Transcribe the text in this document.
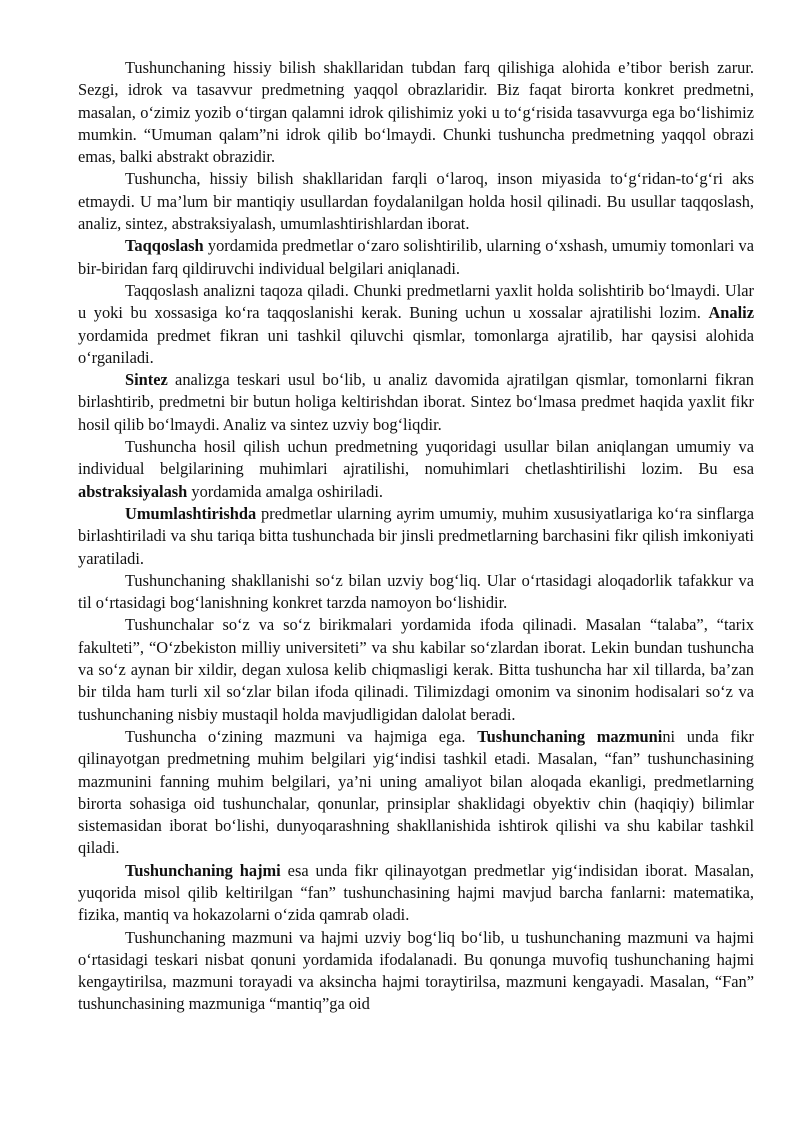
Tushunchaning hissiy bilish shakllaridan tubdan farq qilishiga alohida e’tibor berish zarur. Sezgi, idrok va tasavvur predmetning yaqqol obrazlaridir. Biz faqat birorta konkret predmetni, masalan, o‘zimiz yozib o‘tirgan qalamni idrok qilishimiz yoki u to‘g‘risida tasavvurga ega bo‘lishimiz mumkin. “Umuman qalam”ni idrok qilib bo‘lmaydi. Chunki tushuncha predmetning yaqqol obrazi emas, balki abstrakt obrazidir.

Tushuncha, hissiy bilish shakllaridan farqli o‘laroq, inson miyasida to‘g‘ridan-to‘g‘ri aks etmaydi. U ma’lum bir mantiqiy usullardan foydalanilgan holda hosil qilinadi. Bu usullar taqqoslash, analiz, sintez, abstraksiyalash, umumlashtirishlardan iborat.

Taqqoslash yordamida predmetlar o‘zaro solishtirilib, ularning o‘xshash, umumiy tomonlari va bir-biridan farq qildiruvchi individual belgilari aniqlanadi.

Taqqoslash analizni taqoza qiladi. Chunki predmetlarni yaxlit holda solishtirib bo‘lmaydi. Ular u yoki bu xossasiga ko‘ra taqqoslanishi kerak. Buning uchun u xossalar ajratilishi lozim. Analiz yordamida predmet fikran uni tashkil qiluvchi qismlar, tomonlarga ajratilib, har qaysisi alohida o‘rganiladi.

Sintez analizga teskari usul bo‘lib, u analiz davomida ajratilgan qismlar, tomonlarni fikran birlashtirib, predmetni bir butun holiga keltirishdan iborat. Sintez bo‘lmasa predmet haqida yaxlit fikr hosil qilib bo‘lmaydi. Analiz va sintez uzviy bog‘liqdir.

Tushuncha hosil qilish uchun predmetning yuqoridagi usullar bilan aniqlangan umumiy va individual belgilarining muhimlari ajratilishi, nomuhimlari chetlashtirilishi lozim. Bu esa abstraksiyalash yordamida amalga oshiriladi.

Umumlashtirishda predmetlar ularning ayrim umumiy, muhim xususiyatlariga ko‘ra sinflarga birlashtiriladi va shu tariqa bitta tushunchada bir jinsli predmetlarning barchasini fikr qilish imkoniyati yaratiladi.

Tushunchaning shakllanishi so‘z bilan uzviy bog‘liq. Ular o‘rtasidagi aloqadorlik tafakkur va til o‘rtasidagi bog‘lanishning konkret tarzda namoyon bo‘lishidir.

Tushunchalar so‘z va so‘z birikmalari yordamida ifoda qilinadi. Masalan “talaba”, “tarix fakulteti”, “O‘zbekiston milliy universiteti” va shu kabilar so‘zlardan iborat. Lekin bundan tushuncha va so‘z aynan bir xildir, degan xulosa kelib chiqmasligi kerak. Bitta tushuncha har xil tillarda, ba’zan bir tilda ham turli xil so‘zlar bilan ifoda qilinadi. Tilimizdagi omonim va sinonim hodisalari so‘z va tushunchaning nisbiy mustaqil holda mavjudligidan dalolat beradi.

Tushuncha o‘zining mazmuni va hajmiga ega. Tushunchaning mazmunini unda fikr qilinayotgan predmetning muhim belgilari yig‘indisi tashkil etadi. Masalan, “fan” tushunchasining mazmunini fanning muhim belgilari, ya’ni uning amaliyot bilan aloqada ekanligi, predmetlarning birorta sohasiga oid tushunchalar, qonunlar, prinsiplar shaklidagi obyektiv chin (haqiqiy) bilimlar sistemasidan iborat bo‘lishi, dunyoqarashning shakllanishida ishtirok qilishi va shu kabilar tashkil qiladi.

Tushunchaning hajmi esa unda fikr qilinayotgan predmetlar yig‘indisidan iborat. Masalan, yuqorida misol qilib keltirilgan “fan” tushunchasining hajmi mavjud barcha fanlarni: matematika, fizika, mantiq va hokazolarni o‘zida qamrab oladi.

Tushunchaning mazmuni va hajmi uzviy bog‘liq bo‘lib, u tushunchaning mazmuni va hajmi o‘rtasidagi teskari nisbat qonuni yordamida ifodalanadi. Bu qonunga muvofiq tushunchaning hajmi kengaytirilsa, mazmuni torayadi va aksincha hajmi toraytirilsa, mazmuni kengayadi. Masalan, “Fan” tushunchasining mazmuniga “mantiq”ga oid
